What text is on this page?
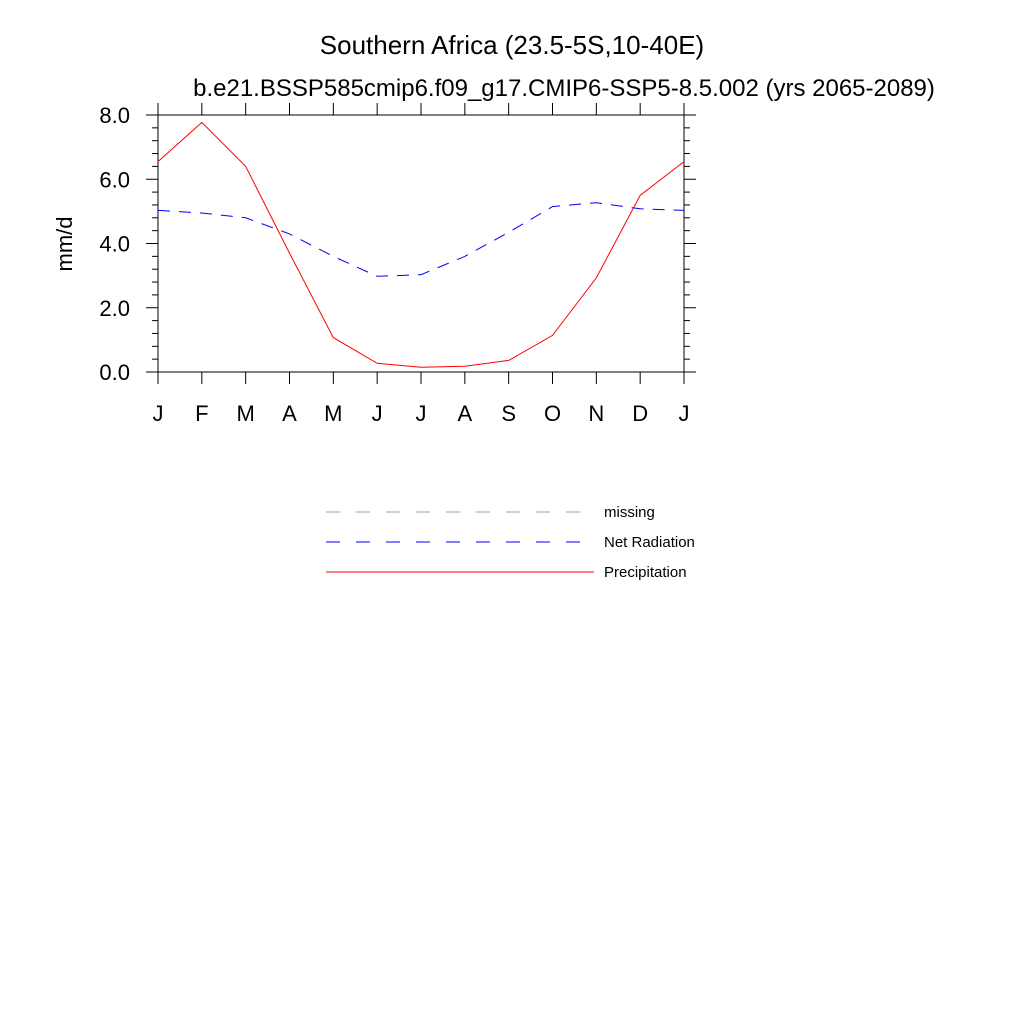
Southern Africa (23.5-5S,10-40E)
b.e21.BSSP585cmip6.f09_g17.CMIP6-SSP5-8.5.002 (yrs 2065-2089)
mm/d
J F M A M J J A S O N D J
0.0
2.0
4.0
6.0
8.0
missing
Net Radiation
Precipitation
